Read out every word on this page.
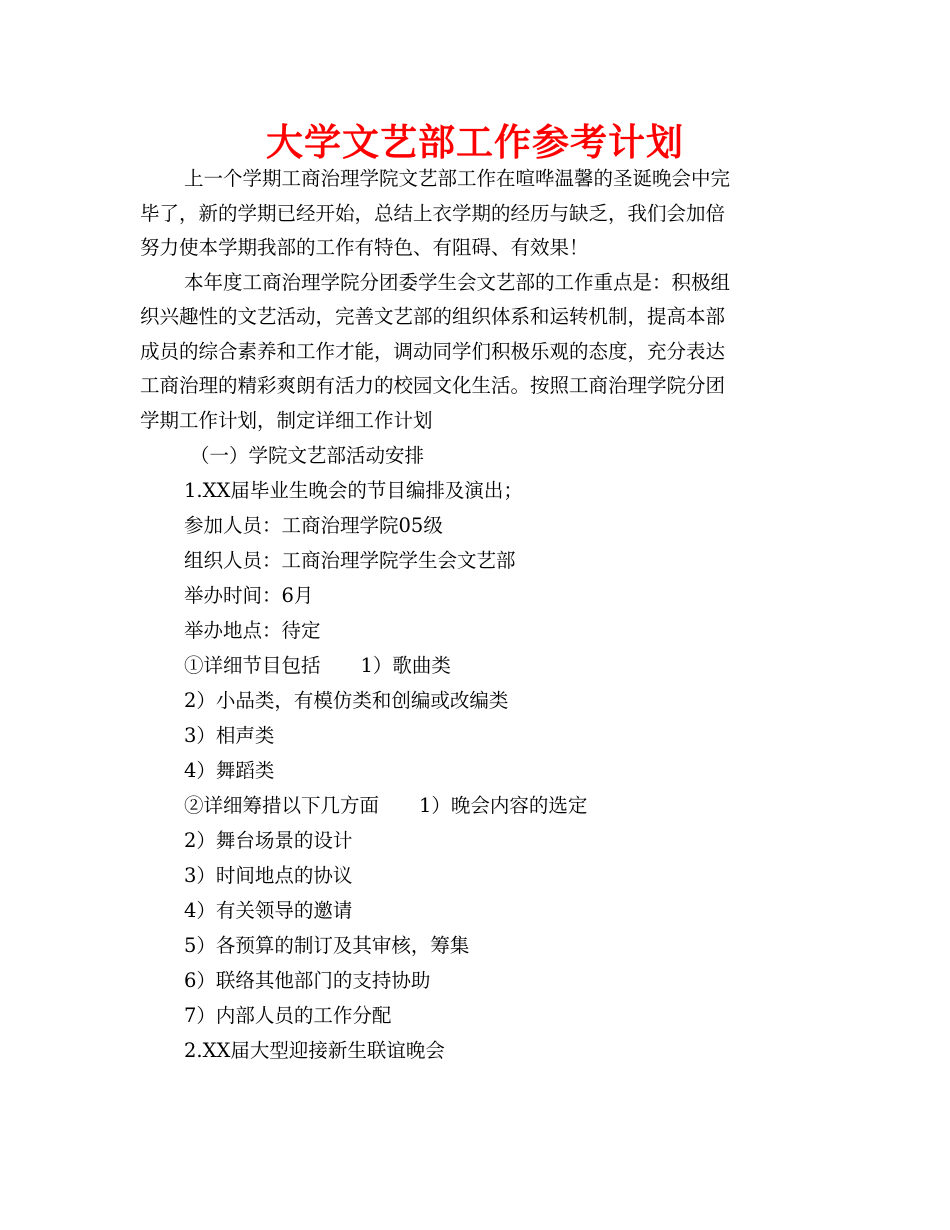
大学文艺部工作参考计划
上一个学期工商治理学院文艺部工作在喧哗温馨的圣诞晚会中完
毕了，新的学期已经开始，总结上衣学期的经历与缺乏，我们会加倍
努力使本学期我部的工作有特色、有阻碍、有效果！
本年度工商治理学院分团委学生会文艺部的工作重点是：积极组
织兴趣性的文艺活动，完善文艺部的组织体系和运转机制，提高本部
成员的综合素养和工作才能，调动同学们积极乐观的态度，充分表达
工商治理的精彩爽朗有活力的校园文化生活。按照工商治理学院分团
学期工作计划，制定详细工作计划
（一）学院文艺部活动安排
1.XX届毕业生晚会的节目编排及演出；
参加人员：工商治理学院05级
组织人员：工商治理学院学生会文艺部
举办时间：6月
举办地点：待定
①详细节目包括 1）歌曲类
2）小品类，有模仿类和创编或改编类
3）相声类
4）舞蹈类
②详细筹措以下几方面 1）晚会内容的选定
2）舞台场景的设计
3）时间地点的协议
4）有关领导的邀请
5）各预算的制订及其审核，筹集
6）联络其他部门的支持协助
7）内部人员的工作分配
2.XX届大型迎接新生联谊晚会
